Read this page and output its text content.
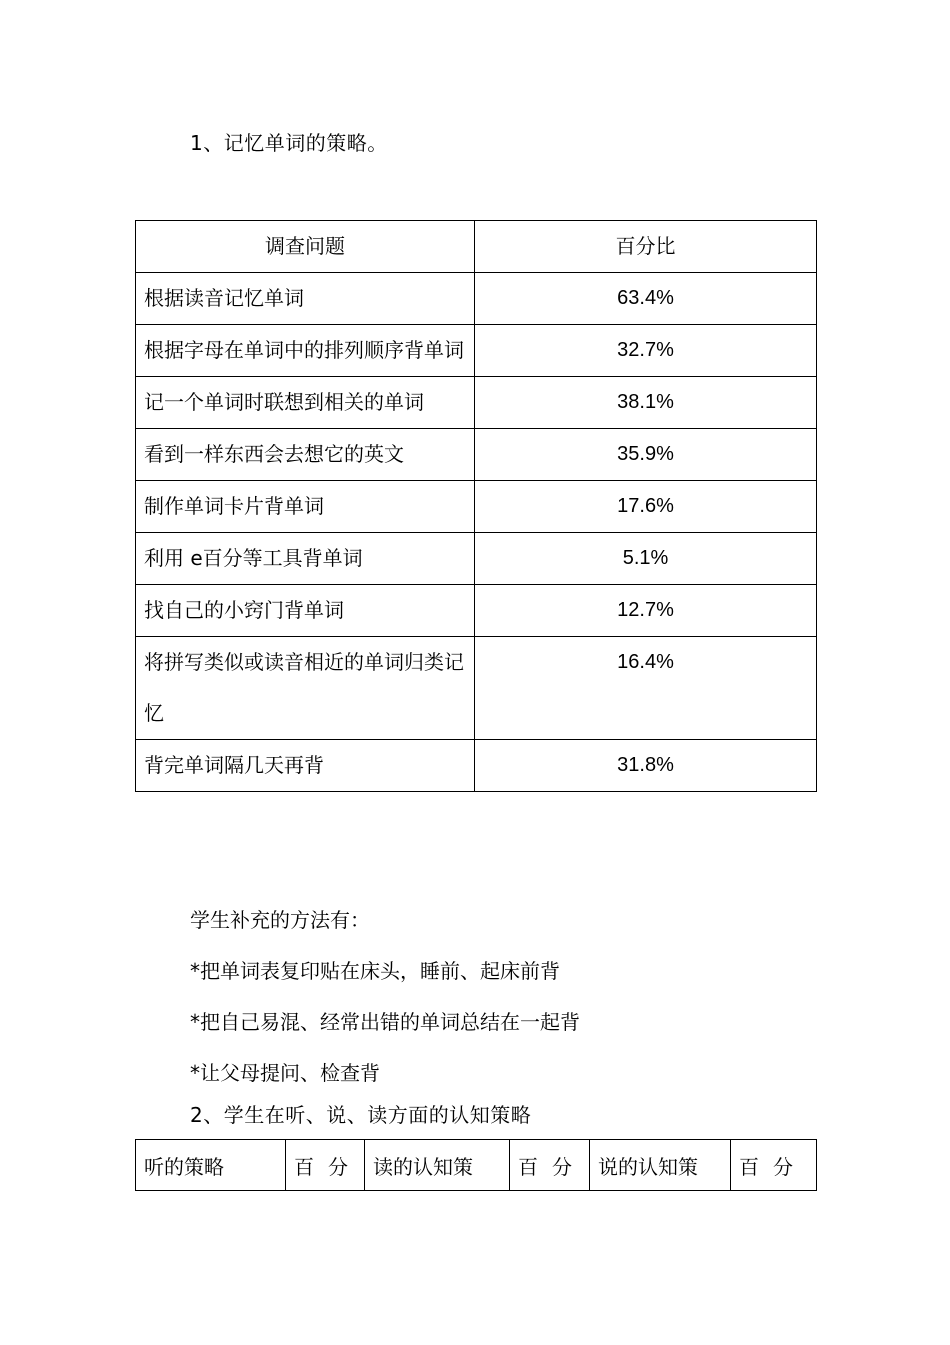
1、记忆单词的策略。
调查问题	百分比
根据读音记忆单词	63.4%
根据字母在单词中的排列顺序背单词	32.7%
记一个单词时联想到相关的单词	38.1%
看到一样东西会去想它的英文	35.9%
制作单词卡片背单词	17.6%
利用 e百分等工具背单词	5.1%
找自己的小窍门背单词	12.7%
将拼写类似或读音相近的单词归类记忆	16.4%
背完单词隔几天再背	31.8%
学生补充的方法有：
*把单词表复印贴在床头，睡前、起床前背
*把自己易混、经常出错的单词总结在一起背
*让父母提问、检查背
2、学生在听、说、读方面的认知策略
听的策略	百分	读的认知策	百分	说的认知策	百分
